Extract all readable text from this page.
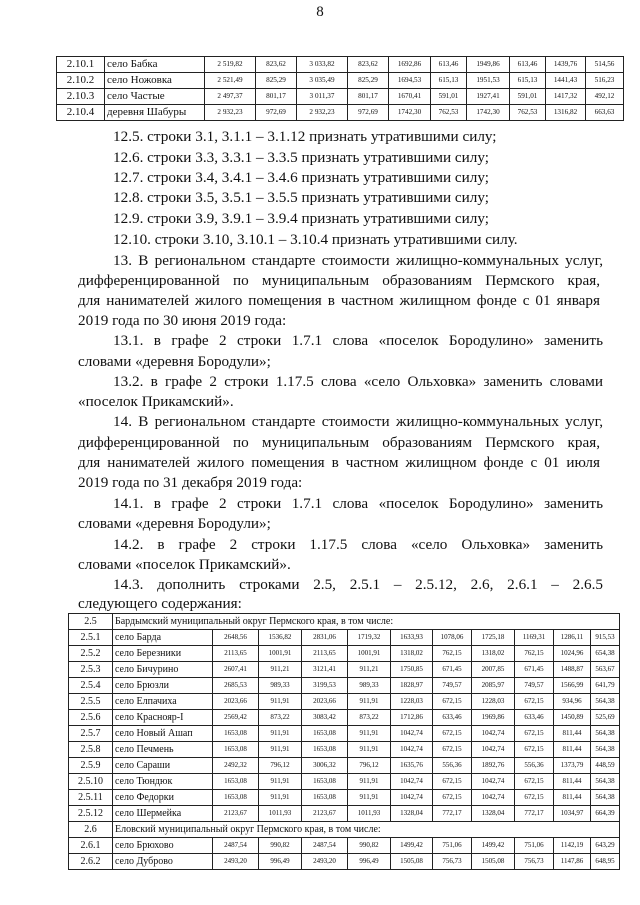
8
2.10.1	село Бабка	2 519,82	823,62	3 033,82	823,62	1692,86	613,46	1949,86	613,46	1439,76	514,56
2.10.2	село Ножовка	2 521,49	825,29	3 035,49	825,29	1694,53	615,13	1951,53	615,13	1441,43	516,23
2.10.3	село Частые	2 497,37	801,17	3 011,37	801,17	1670,41	591,01	1927,41	591,01	1417,32	492,12
2.10.4	деревня Шабуры	2 932,23	972,69	2 932,23	972,69	1742,30	762,53	1742,30	762,53	1316,82	663,63
12.5. строки 3.1, 3.1.1 – 3.1.12 признать утратившими силу;
12.6. строки 3.3, 3.3.1 – 3.3.5 признать утратившими силу;
12.7. строки 3.4, 3.4.1 – 3.4.6 признать утратившими силу;
12.8. строки 3.5, 3.5.1 – 3.5.5 признать утратившими силу;
12.9. строки 3.9, 3.9.1 – 3.9.4 признать утратившими силу;
12.10. строки 3.10, 3.10.1 – 3.10.4 признать утратившими силу.
13. В региональном стандарте стоимости жилищно-коммунальных услуг,
дифференцированной по муниципальным образованиям Пермского края,
для нанимателей жилого помещения в частном жилищном фонде с 01 января
2019 года по 30 июня 2019 года:
13.1. в графе 2 строки 1.7.1 слова «поселок Бородулино» заменить
словами «деревня Бородули»;
13.2. в графе 2 строки 1.17.5 слова «село Ольховка» заменить словами
«поселок Прикамский».
14. В региональном стандарте стоимости жилищно-коммунальных услуг,
дифференцированной по муниципальным образованиям Пермского края,
для нанимателей жилого помещения в частном жилищном фонде с 01 июля
2019 года по 31 декабря 2019 года:
14.1. в графе 2 строки 1.7.1 слова «поселок Бородулино» заменить
словами «деревня Бородули»;
14.2. в графе 2 строки 1.17.5 слова «село Ольховка» заменить
словами «поселок Прикамский».
14.3. дополнить строками 2.5, 2.5.1 – 2.5.12, 2.6, 2.6.1 – 2.6.5
2.5	Бардымский муниципальный округ Пермского края, в том числе:										
2.5.1	село Барда	2648,56	1536,82	2831,06	1719,32	1633,93	1078,06	1725,18	1169,31	1286,11	915,53
2.5.2	село Березники	2113,65	1001,91	2113,65	1001,91	1318,02	762,15	1318,02	762,15	1024,96	654,38
2.5.3	село Бичурино	2607,41	911,21	3121,41	911,21	1750,85	671,45	2007,85	671,45	1488,87	563,67
2.5.4	село Брюзли	2685,53	989,33	3199,53	989,33	1828,97	749,57	2085,97	749,57	1566,99	641,79
2.5.5	село Елпачиха	2023,66	911,91	2023,66	911,91	1228,03	672,15	1228,03	672,15	934,96	564,38
2.5.6	село Краснояр-I	2569,42	873,22	3083,42	873,22	1712,86	633,46	1969,86	633,46	1450,89	525,69
2.5.7	село Новый Ашап	1653,08	911,91	1653,08	911,91	1042,74	672,15	1042,74	672,15	811,44	564,38
2.5.8	село Печмень	1653,08	911,91	1653,08	911,91	1042,74	672,15	1042,74	672,15	811,44	564,38
2.5.9	село Сараши	2492,32	796,12	3006,32	796,12	1635,76	556,36	1892,76	556,36	1373,79	448,59
2.5.10	село Тюндюк	1653,08	911,91	1653,08	911,91	1042,74	672,15	1042,74	672,15	811,44	564,38
2.5.11	село Федорки	1653,08	911,91	1653,08	911,91	1042,74	672,15	1042,74	672,15	811,44	564,38
2.5.12	село Шермейка	2123,67	1011,93	2123,67	1011,93	1328,04	772,17	1328,04	772,17	1034,97	664,39
2.6	Еловский муниципальный округ Пермского края, в том числе:										
2.6.1	село Брюхово	2487,54	990,82	2487,54	990,82	1499,42	751,06	1499,42	751,06	1142,19	643,29
2.6.2	село Дуброво	2493,20	996,49	2493,20	996,49	1505,08	756,73	1505,08	756,73	1147,86	648,95
следующего содержания:
